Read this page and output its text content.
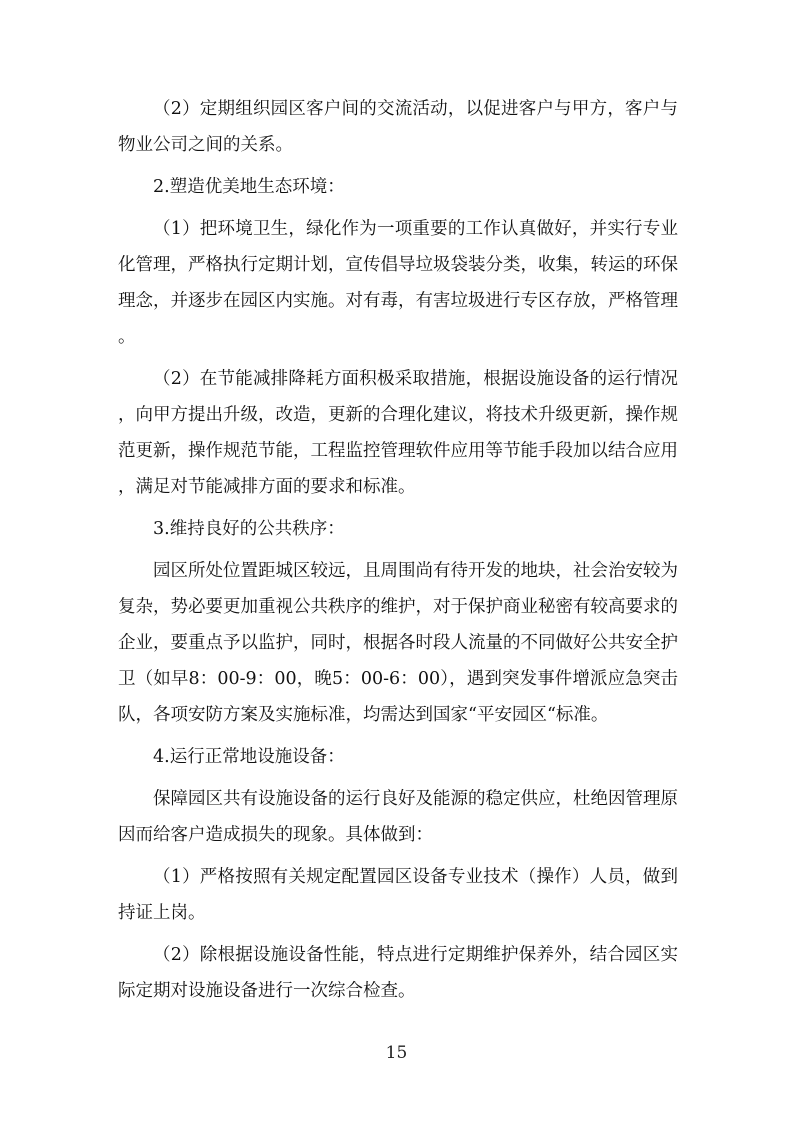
（2）定期组织园区客户间的交流活动，以促进客户与甲方，客户与物业公司之间的关系。

2.塑造优美地生态环境：

（1）把环境卫生，绿化作为一项重要的工作认真做好，并实行专业化管理，严格执行定期计划，宣传倡导垃圾袋装分类，收集，转运的环保理念，并逐步在园区内实施。对有毒，有害垃圾进行专区存放，严格管理。

（2）在节能减排降耗方面积极采取措施，根据设施设备的运行情况，向甲方提出升级，改造，更新的合理化建议，将技术升级更新，操作规范更新，操作规范节能，工程监控管理软件应用等节能手段加以结合应用，满足对节能减排方面的要求和标准。

3.维持良好的公共秩序：

园区所处位置距城区较远，且周围尚有待开发的地块，社会治安较为复杂，势必要更加重视公共秩序的维护，对于保护商业秘密有较高要求的企业，要重点予以监护，同时，根据各时段人流量的不同做好公共安全护卫（如早8：00-9：00，晚5：00-6：00），遇到突发事件增派应急突击队，各项安防方案及实施标准，均需达到国家“平安园区“标准。

4.运行正常地设施设备：

保障园区共有设施设备的运行良好及能源的稳定供应，杜绝因管理原因而给客户造成损失的现象。具体做到：

（1）严格按照有关规定配置园区设备专业技术（操作）人员，做到持证上岗。

（2）除根据设施设备性能，特点进行定期维护保养外，结合园区实际定期对设施设备进行一次综合检查。

15
